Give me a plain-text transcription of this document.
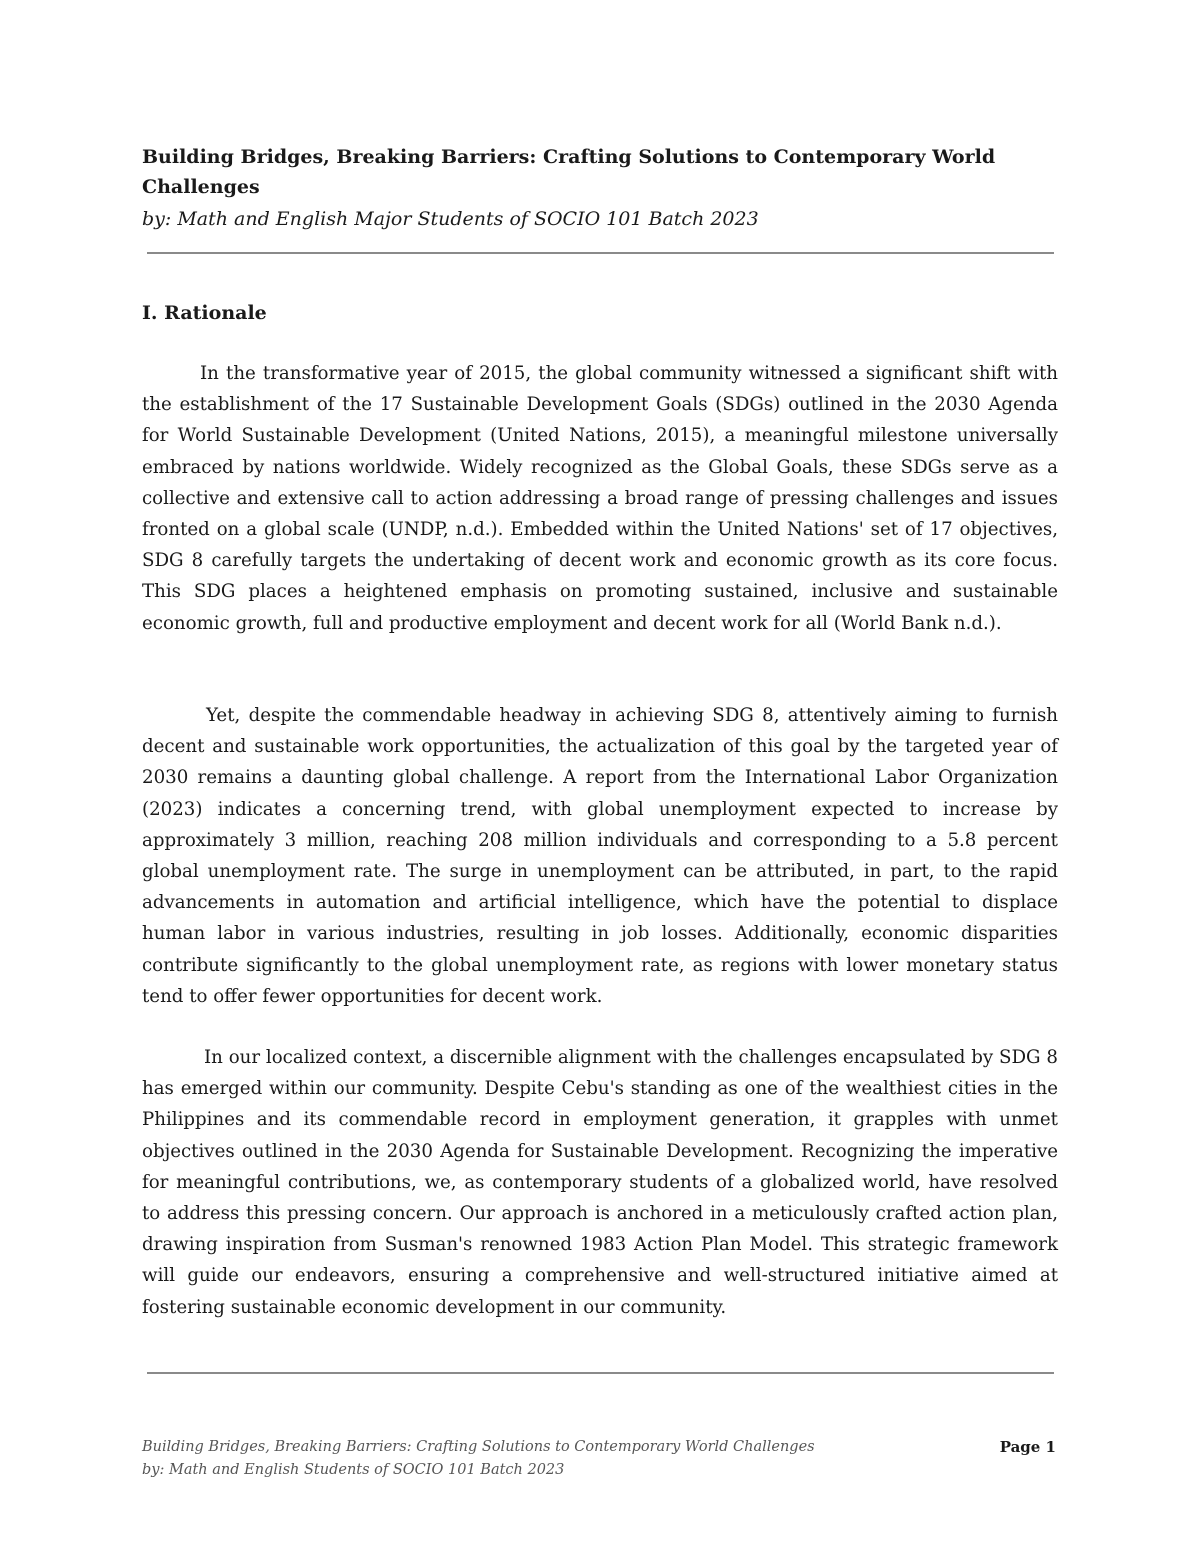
Building Bridges, Breaking Barriers: Crafting Solutions to Contemporary World Challenges

by: Math and English Major Students of SOCIO 101 Batch 2023

I. Rationale

In the transformative year of 2015, the global community witnessed a significant shift with the establishment of the 17 Sustainable Development Goals (SDGs) outlined in the 2030 Agenda for World Sustainable Development (United Nations, 2015), a meaningful milestone universally embraced by nations worldwide. Widely recognized as the Global Goals, these SDGs serve as a collective and extensive call to action addressing a broad range of pressing challenges and issues fronted on a global scale (UNDP, n.d.). Embedded within the United Nations' set of 17 objectives, SDG 8 carefully targets the undertaking of decent work and economic growth as its core focus. This SDG places a heightened emphasis on promoting sustained, inclusive and sustainable economic growth, full and productive employment and decent work for all (World Bank n.d.).

Yet, despite the commendable headway in achieving SDG 8, attentively aiming to furnish decent and sustainable work opportunities, the actualization of this goal by the targeted year of 2030 remains a daunting global challenge. A report from the International Labor Organization (2023) indicates a concerning trend, with global unemployment expected to increase by approximately 3 million, reaching 208 million individuals and corresponding to a 5.8 percent global unemployment rate. The surge in unemployment can be attributed, in part, to the rapid advancements in automation and artificial intelligence, which have the potential to displace human labor in various industries, resulting in job losses. Additionally, economic disparities contribute significantly to the global unemployment rate, as regions with lower monetary status tend to offer fewer opportunities for decent work.

In our localized context, a discernible alignment with the challenges encapsulated by SDG 8 has emerged within our community. Despite Cebu's standing as one of the wealthiest cities in the Philippines and its commendable record in employment generation, it grapples with unmet objectives outlined in the 2030 Agenda for Sustainable Development. Recognizing the imperative for meaningful contributions, we, as contemporary students of a globalized world, have resolved to address this pressing concern. Our approach is anchored in a meticulously crafted action plan, drawing inspiration from Susman's renowned 1983 Action Plan Model. This strategic framework will guide our endeavors, ensuring a comprehensive and well-structured initiative aimed at fostering sustainable economic development in our community.

Building Bridges, Breaking Barriers: Crafting Solutions to Contemporary World Challenges
by: Math and English Students of SOCIO 101 Batch 2023
Page 1
